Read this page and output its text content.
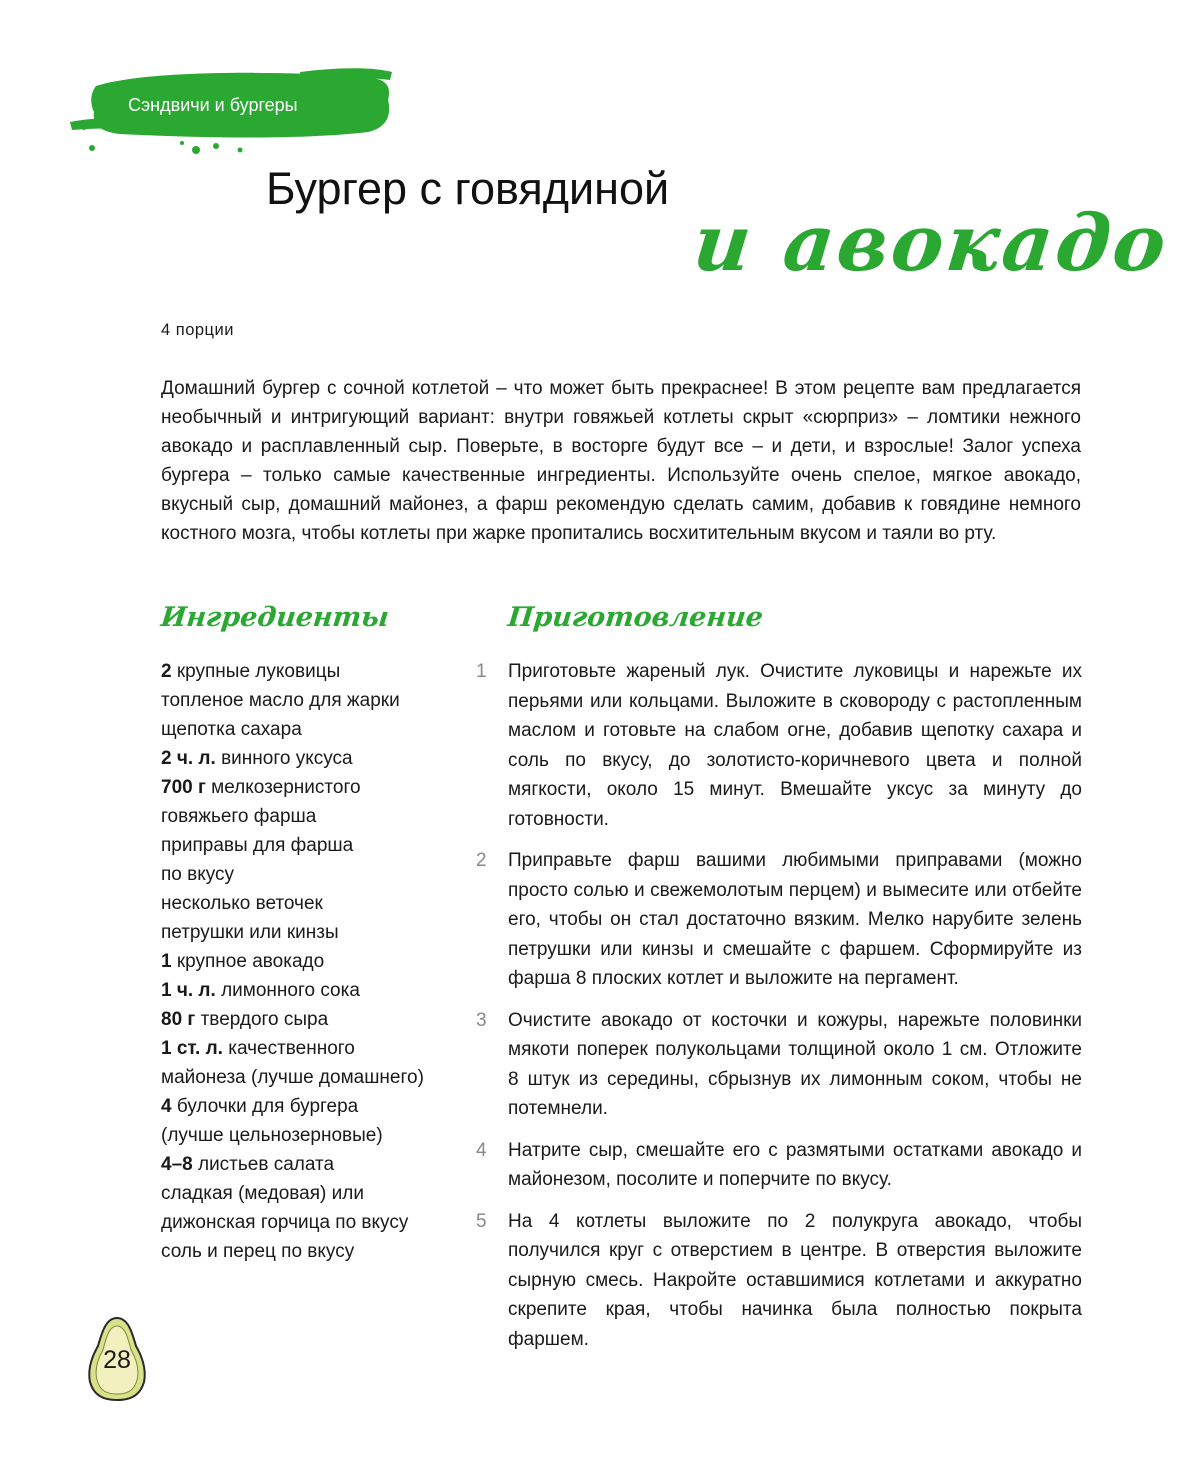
Сэндвичи и бургеры
Бургер с говядиной
и авокадо
4 порции

Домашний бургер с сочной котлетой – что может быть прекраснее! В этом рецепте вам предлагается необычный и интригующий вариант: внутри говяжьей котлеты скрыт «сюрприз» – ломтики нежного авокадо и расплавленный сыр. Поверьте, в восторге будут все – и дети, и взрослые! Залог успеха бургера – только самые качественные ингредиенты. Используйте очень спелое, мягкое авокадо, вкусный сыр, домашний майонез, а фарш рекомендую сделать самим, добавив к говядине немного костного мозга, чтобы котлеты при жарке пропитались восхитительным вкусом и таяли во рту.

Ингредиенты	Приготовление
2 крупные луковицы
топленое масло для жарки
щепотка сахара
2 ч. л. винного уксуса
700 г мелкозернистого
говяжьего фарша
приправы для фарша
по вкусу
несколько веточек
петрушки или кинзы
1 крупное авокадо
1 ч. л. лимонного сока
80 г твердого сыра
1 ст. л. качественного
майонеза (лучше домашнего)
4 булочки для бургера
(лучше цельнозерновые)
4–8 листьев салата
сладкая (медовая) или
дижонская горчица по вкусу
соль и перец по вкусу
1 Приготовьте жареный лук. Очистите луковицы и нарежьте их перьями или кольцами. Выложите в сковороду с растопленным маслом и готовьте на слабом огне, добавив щепотку сахара и соль по вкусу, до золотисто-коричневого цвета и полной мягкости, около 15 минут. Вмешайте уксус за минуту до готовности.
2 Приправьте фарш вашими любимыми приправами (можно просто солью и свежемолотым перцем) и вымесите или отбейте его, чтобы он стал достаточно вязким. Мелко нарубите зелень петрушки или кинзы и смешайте с фаршем. Сформируйте из фарша 8 плоских котлет и выложите на пергамент.
3 Очистите авокадо от косточки и кожуры, нарежьте половинки мякоти поперек полукольцами толщиной около 1 см. Отложите 8 штук из середины, сбрызнув их лимонным соком, чтобы не потемнели.
4 Натрите сыр, смешайте его с размятыми остатками авокадо и майонезом, посолите и поперчите по вкусу.
5 На 4 котлеты выложите по 2 полукруга авокадо, чтобы получился круг с отверстием в центре. В отверстия выложите сырную смесь. Накройте оставшимися котлетами и аккуратно скрепите края, чтобы начинка была полностью покрыта фаршем.
28
